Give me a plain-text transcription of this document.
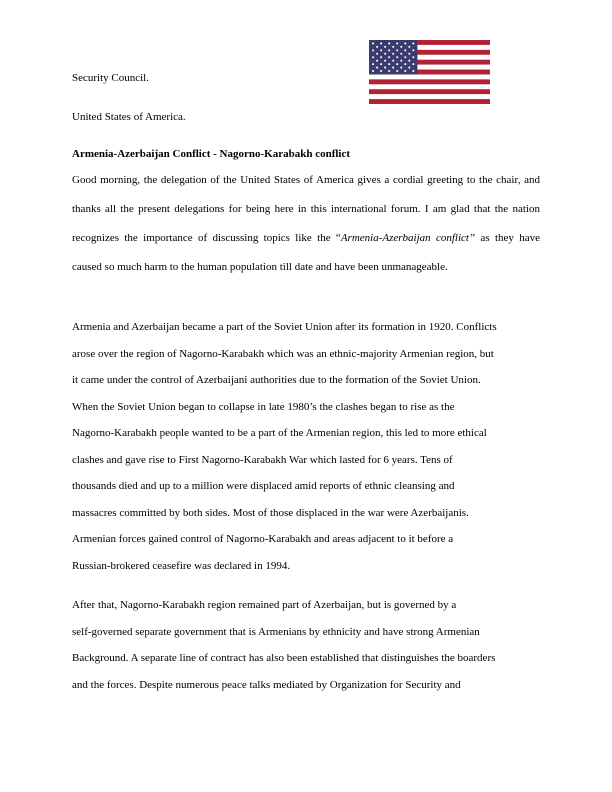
Security Council.
United States of America.
Armenia-Azerbaijan Conflict - Nagorno-Karabakh conflict
Good morning, the delegation of the United States of America gives a cordial greeting to the chair, and thanks all the present delegations for being here in this international forum. I am glad that the nation recognizes the importance of discussing topics like the “Armenia-Azerbaijan conflict” as they have caused so much harm to the human population till date and have been unmanageable.
Armenia and Azerbaijan became a part of the Soviet Union after its formation in 1920. Conflicts
arose over the region of Nagorno-Karabakh which was an ethnic-majority Armenian region, but
it came under the control of Azerbaijani authorities due to the formation of the Soviet Union.
When the Soviet Union began to collapse in late 1980’s the clashes began to rise as the
Nagorno-Karabakh people wanted to be a part of the Armenian region, this led to more ethical
clashes and gave rise to First Nagorno-Karabakh War which lasted for 6 years. Tens of
thousands died and up to a million were displaced amid reports of ethnic cleansing and
massacres committed by both sides. Most of those displaced in the war were Azerbaijanis.
Armenian forces gained control of Nagorno-Karabakh and areas adjacent to it before a
Russian-brokered ceasefire was declared in 1994.
After that, Nagorno-Karabakh region remained part of Azerbaijan, but is governed by a
self-governed separate government that is Armenians by ethnicity and have strong Armenian
Background. A separate line of contract has also been established that distinguishes the boarders
and the forces. Despite numerous peace talks mediated by Organization for Security and
